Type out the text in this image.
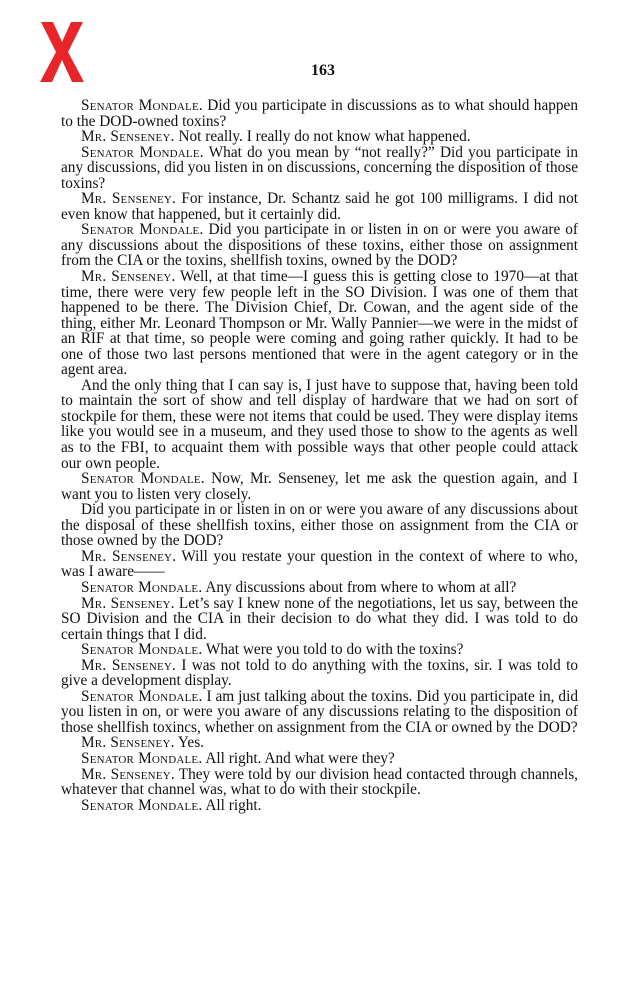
163

Senator Mondale. Did you participate in discussions as to what should happen to the DOD-owned toxins?

Mr. Senseney. Not really. I really do not know what happened.

Senator Mondale. What do you mean by “not really?” Did you participate in any discussions, did you listen in on discussions, concerning the disposition of those toxins?

Mr. Senseney. For instance, Dr. Schantz said he got 100 milligrams. I did not even know that happened, but it certainly did.

Senator Mondale. Did you participate in or listen in on or were you aware of any discussions about the dispositions of these toxins, either those on assignment from the CIA or the toxins, shellfish toxins, owned by the DOD?

Mr. Senseney. Well, at that time—I guess this is getting close to 1970—at that time, there were very few people left in the SO Division. I was one of them that happened to be there. The Division Chief, Dr. Cowan, and the agent side of the thing, either Mr. Leonard Thompson or Mr. Wally Pannier—we were in the midst of an RIF at that time, so people were coming and going rather quickly. It had to be one of those two last persons mentioned that were in the agent category or in the agent area.

And the only thing that I can say is, I just have to suppose that, having been told to maintain the sort of show and tell display of hardware that we had on sort of stockpile for them, these were not items that could be used. They were display items like you would see in a museum, and they used those to show to the agents as well as to the FBI, to acquaint them with possible ways that other people could attack our own people.

Senator Mondale. Now, Mr. Senseney, let me ask the question again, and I want you to listen very closely.

Did you participate in or listen in on or were you aware of any discussions about the disposal of these shellfish toxins, either those on assignment from the CIA or those owned by the DOD?

Mr. Senseney. Will you restate your question in the context of where to who, was I aware——

Senator Mondale. Any discussions about from where to whom at all?

Mr. Senseney. Let’s say I knew none of the negotiations, let us say, between the SO Division and the CIA in their decision to do what they did. I was told to do certain things that I did.

Senator Mondale. What were you told to do with the toxins?

Mr. Senseney. I was not told to do anything with the toxins, sir. I was told to give a development display.

Senator Mondale. I am just talking about the toxins. Did you participate in, did you listen in on, or were you aware of any discussions relating to the disposition of those shellfish toxincs, whether on assignment from the CIA or owned by the DOD?

Mr. Senseney. Yes.

Senator Mondale. All right. And what were they?

Mr. Senseney. They were told by our division head contacted through channels, whatever that channel was, what to do with their stockpile.

Senator Mondale. All right.
